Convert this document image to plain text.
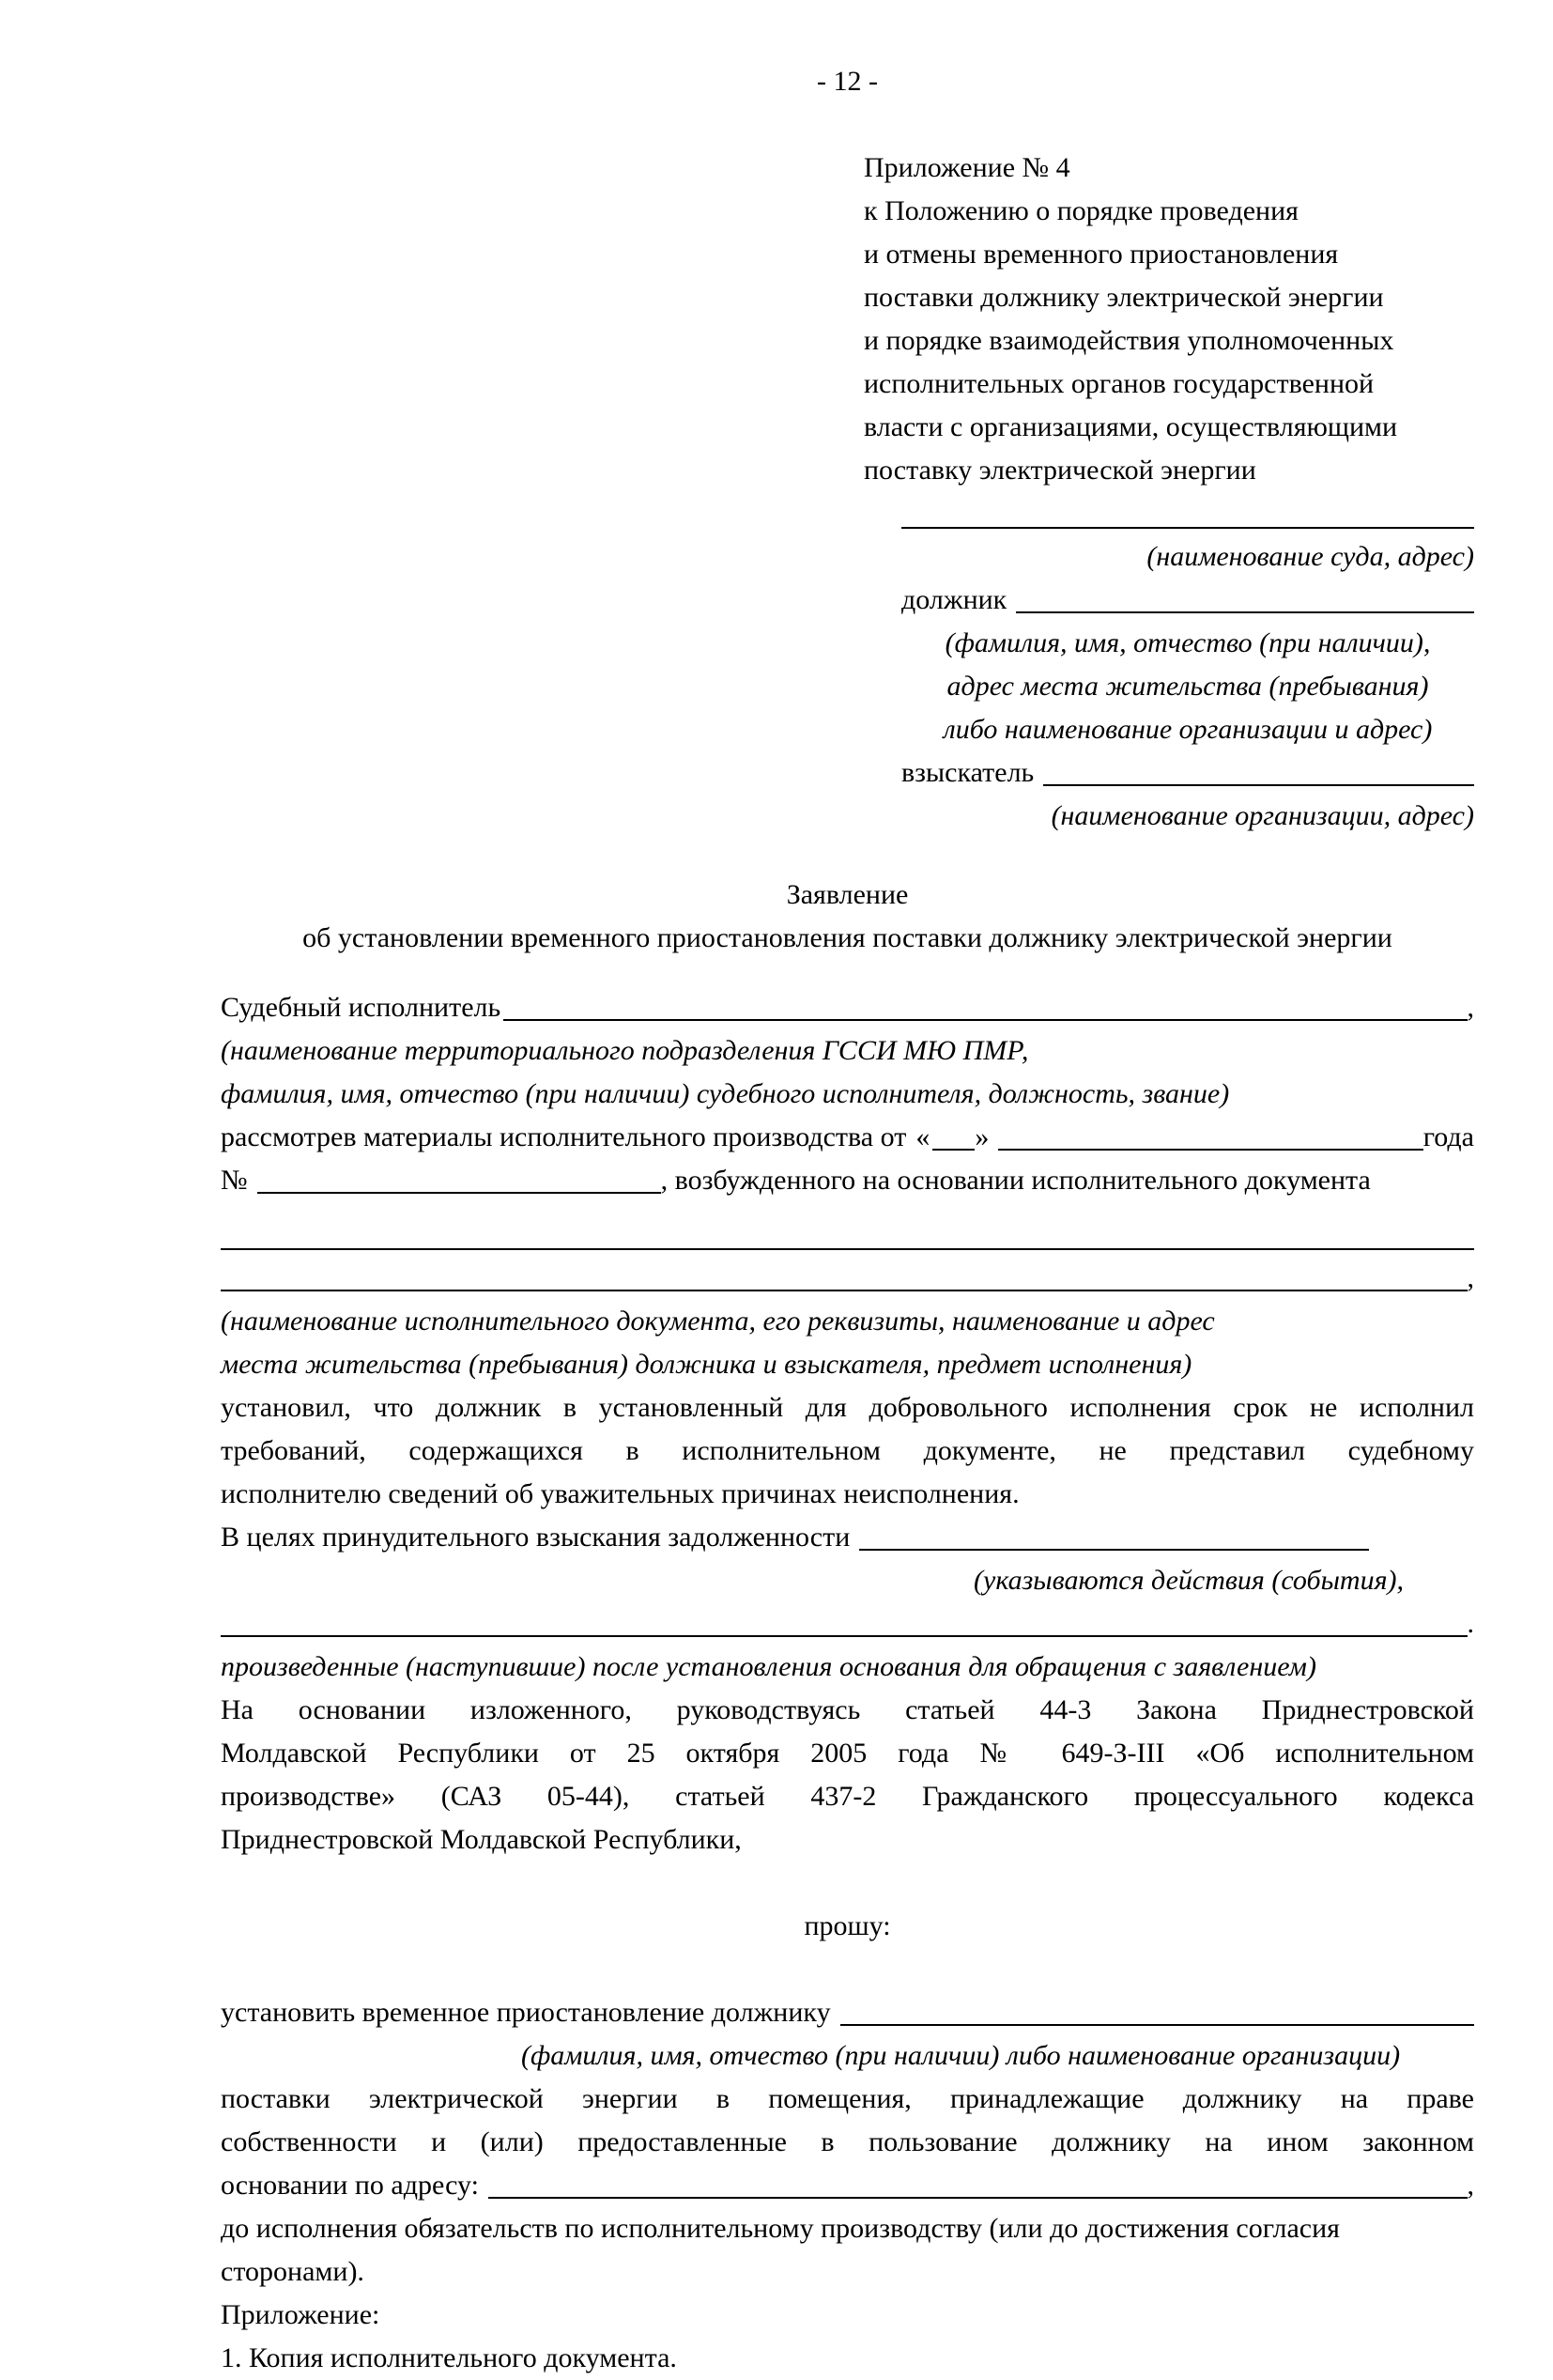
- 12 -
Приложение № 4
к Положению о порядке проведения
и отмены временного приостановления
поставки должнику электрической энергии
и порядке взаимодействия уполномоченных
исполнительных органов государственной
власти с организациями, осуществляющими
поставку электрической энергии
(наименование суда, адрес)
должник
(фамилия, имя, отчество (при наличии),
адрес места жительства (пребывания)
либо наименование организации и адрес)
взыскатель
(наименование организации, адрес)
Заявление
об установлении временного приостановления поставки должнику электрической энергии
Судебный исполнитель	,
(наименование территориального подразделения ГССИ МЮ ПМР,
фамилия, имя, отчество (при наличии) судебного исполнителя, должность, звание)
рассмотрев материалы исполнительного производства от « »	года
№	, возбужденного на основании исполнительного документа
,
(наименование исполнительного документа, его реквизиты, наименование и адрес
места жительства (пребывания) должника и взыскателя, предмет исполнения)
установил, что должник в установленный для добровольного исполнения срок не исполнил
требований, содержащихся в исполнительном документе, не представил судебному
исполнителю сведений об уважительных причинах неисполнения.
В целях принудительного взыскания задолженности
(указываются действия (события),
.
произведенные (наступившие) после установления основания для обращения с заявлением)
На основании изложенного, руководствуясь статьей 44-3 Закона Приднестровской
Молдавской Республики от 25 октября 2005 года № 649-З-III «Об исполнительном
производстве» (САЗ 05-44), статьей 437-2 Гражданского процессуального кодекса
Приднестровской Молдавской Республики,
прошу:
установить временное приостановление должнику
(фамилия, имя, отчество (при наличии) либо наименование организации)
поставки электрической энергии в помещения, принадлежащие должнику на праве
собственности и (или) предоставленные в пользование должнику на ином законном
основании по адресу:	,
до исполнения обязательств по исполнительному производству (или до достижения согласия
сторонами).
Приложение:
1. Копия исполнительного документа.
